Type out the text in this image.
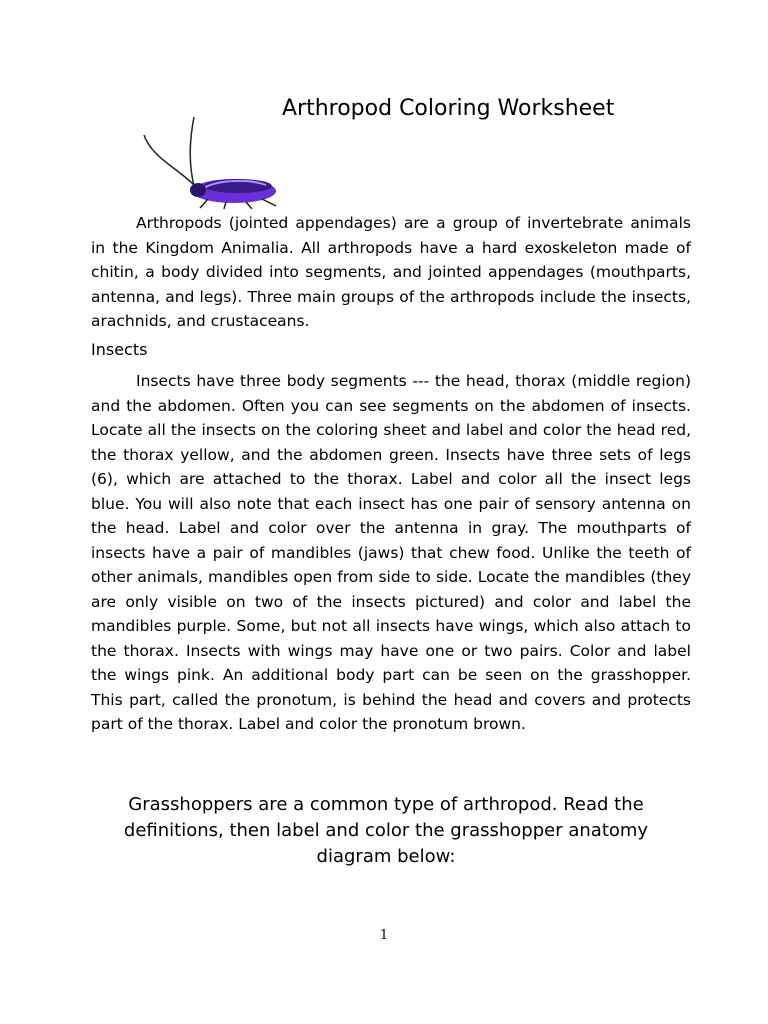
Arthropod Coloring Worksheet

Arthropods (jointed appendages) are a group of invertebrate animals in the Kingdom Animalia. All arthropods have a hard exoskeleton made of chitin, a body divided into segments, and jointed appendages (mouthparts, antenna, and legs). Three main groups of the arthropods include the insects, arachnids, and crustaceans.

Insects

Insects have three body segments --- the head, thorax (middle region) and the abdomen. Often you can see segments on the abdomen of insects. Locate all the insects on the coloring sheet and label and color the head red, the thorax yellow, and the abdomen green. Insects have three sets of legs (6), which are attached to the thorax. Label and color all the insect legs blue. You will also note that each insect has one pair of sensory antenna on the head. Label and color over the antenna in gray. The mouthparts of insects have a pair of mandibles (jaws) that chew food. Unlike the teeth of other animals, mandibles open from side to side. Locate the mandibles (they are only visible on two of the insects pictured) and color and label the mandibles purple. Some, but not all insects have wings, which also attach to the thorax. Insects with wings may have one or two pairs. Color and label the wings pink. An additional body part can be seen on the grasshopper. This part, called the pronotum, is behind the head and covers and protects part of the thorax. Label and color the pronotum brown.

Grasshoppers are a common type of arthropod. Read the definitions, then label and color the grasshopper anatomy diagram below:

1
